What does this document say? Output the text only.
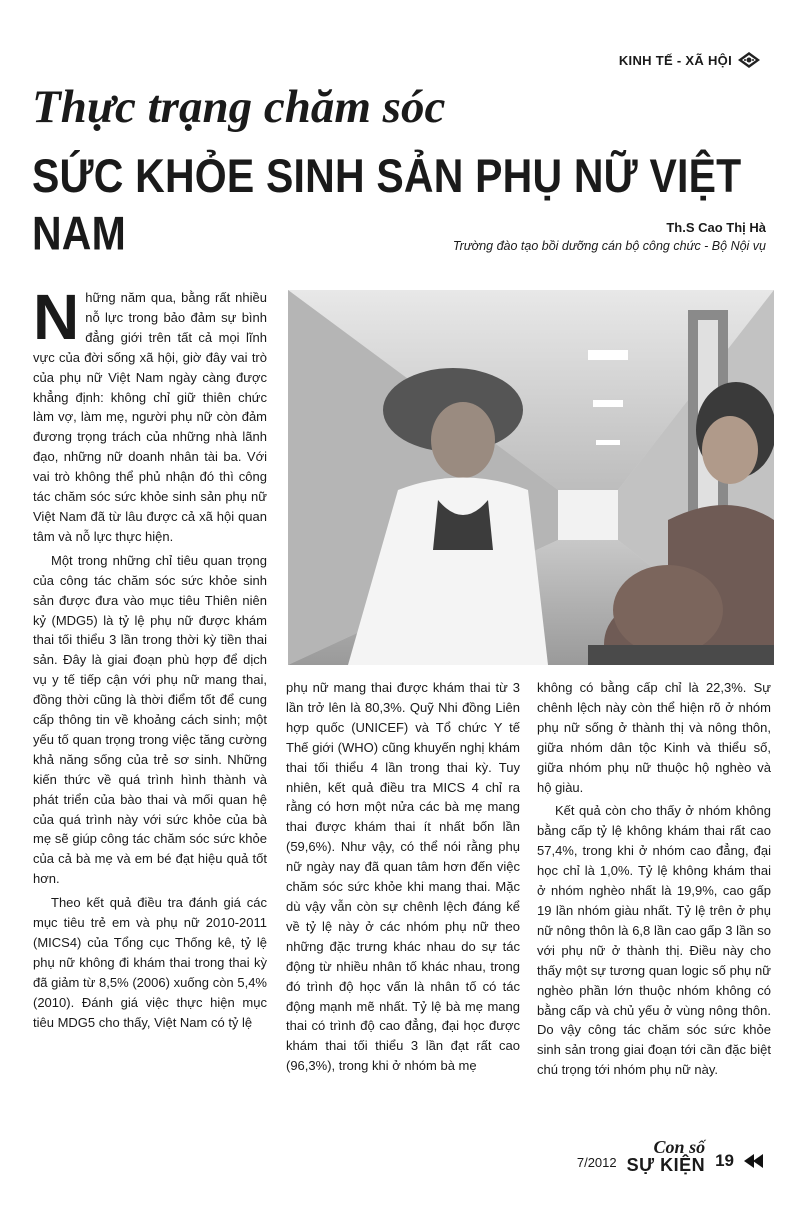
KINH TẾ - XÃ HỘI
Thực trạng chăm sóc
SỨC KHỎE SINH SẢN PHỤ NỮ VIỆT NAM	Th.S Cao Thị Hà
Trường đào tạo bồi dưỡng cán bộ công chức - Bộ Nội vụ

Những năm qua, bằng rất nhiều nỗ lực trong bảo đảm sự bình đẳng giới trên tất cả mọi lĩnh vực của đời sống xã hội, giờ đây vai trò của phụ nữ Việt Nam ngày càng được khẳng định: không chỉ giữ thiên chức làm vợ, làm mẹ, người phụ nữ còn đảm đương trọng trách của những nhà lãnh đạo, những nữ doanh nhân tài ba. Với vai trò không thể phủ nhận đó thì công tác chăm sóc sức khỏe sinh sản phụ nữ Việt Nam đã từ lâu được cả xã hội quan tâm và nỗ lực thực hiện.

Một trong những chỉ tiêu quan trọng của công tác chăm sóc sức khỏe sinh sản được đưa vào mục tiêu Thiên niên kỷ (MDG5) là tỷ lệ phụ nữ được khám thai tối thiểu 3 lần trong thời kỳ tiền thai sản. Đây là giai đoạn phù hợp để dịch vụ y tế tiếp cận với phụ nữ mang thai, đồng thời cũng là thời điểm tốt để cung cấp thông tin về khoảng cách sinh; một yếu tố quan trọng trong việc tăng cường khả năng sống của trẻ sơ sinh. Những kiến thức về quá trình hình thành và phát triển của bào thai và mối quan hệ của quá trình này với sức khỏe của bà mẹ sẽ giúp công tác chăm sóc sức khỏe của cả bà mẹ và em bé đạt hiệu quả tốt hơn.

Theo kết quả điều tra đánh giá các mục tiêu trẻ em và phụ nữ 2010-2011 (MICS4) của Tổng cục Thống kê, tỷ lệ phụ nữ không đi khám thai trong thai kỳ đã giảm từ 8,5% (2006) xuống còn 5,4% (2010). Đánh giá việc thực hiện mục tiêu MDG5 cho thấy, Việt Nam có tỷ lệ

phụ nữ mang thai được khám thai từ 3 lần trở lên là 80,3%. Quỹ Nhi đồng Liên hợp quốc (UNICEF) và Tổ chức Y tế Thế giới (WHO) cũng khuyến nghị khám thai tối thiểu 4 lần trong thai kỳ. Tuy nhiên, kết quả điều tra MICS 4 chỉ ra rằng có hơn một nửa các bà mẹ mang thai được khám thai ít nhất bốn lần (59,6%). Như vậy, có thể nói rằng phụ nữ ngày nay đã quan tâm hơn đến việc chăm sóc sức khỏe khi mang thai. Mặc dù vậy vẫn còn sự chênh lệch đáng kể về tỷ lệ này ở các nhóm phụ nữ theo những đặc trưng khác nhau do sự tác động từ nhiều nhân tố khác nhau, trong đó trình độ học vấn là nhân tố có tác động mạnh mẽ nhất. Tỷ lệ bà mẹ mang thai có trình độ cao đẳng, đại học được khám thai tối thiểu 3 lần đạt rất cao (96,3%), trong khi ở nhóm bà mẹ

không có bằng cấp chỉ là 22,3%. Sự chênh lệch này còn thể hiện rõ ở nhóm phụ nữ sống ở thành thị và nông thôn, giữa nhóm dân tộc Kinh và thiểu số, giữa nhóm phụ nữ thuộc hộ nghèo và hộ giàu.

Kết quả còn cho thấy ở nhóm không bằng cấp tỷ lệ không khám thai rất cao 57,4%, trong khi ở nhóm cao đẳng, đại học chỉ là 1,0%. Tỷ lệ không khám thai ở nhóm nghèo nhất là 19,9%, cao gấp 19 lần nhóm giàu nhất. Tỷ lệ trên ở phụ nữ nông thôn là 6,8 lần cao gấp 3 lần so với phụ nữ ở thành thị. Điều này cho thấy một sự tương quan logic số phụ nữ nghèo phần lớn thuộc nhóm không có bằng cấp và chủ yếu ở vùng nông thôn. Do vậy công tác chăm sóc sức khỏe sinh sản trong giai đoạn tới cần đặc biệt chú trọng tới nhóm phụ nữ này.

7/2012
Con số
SỰ KIỆN 19
